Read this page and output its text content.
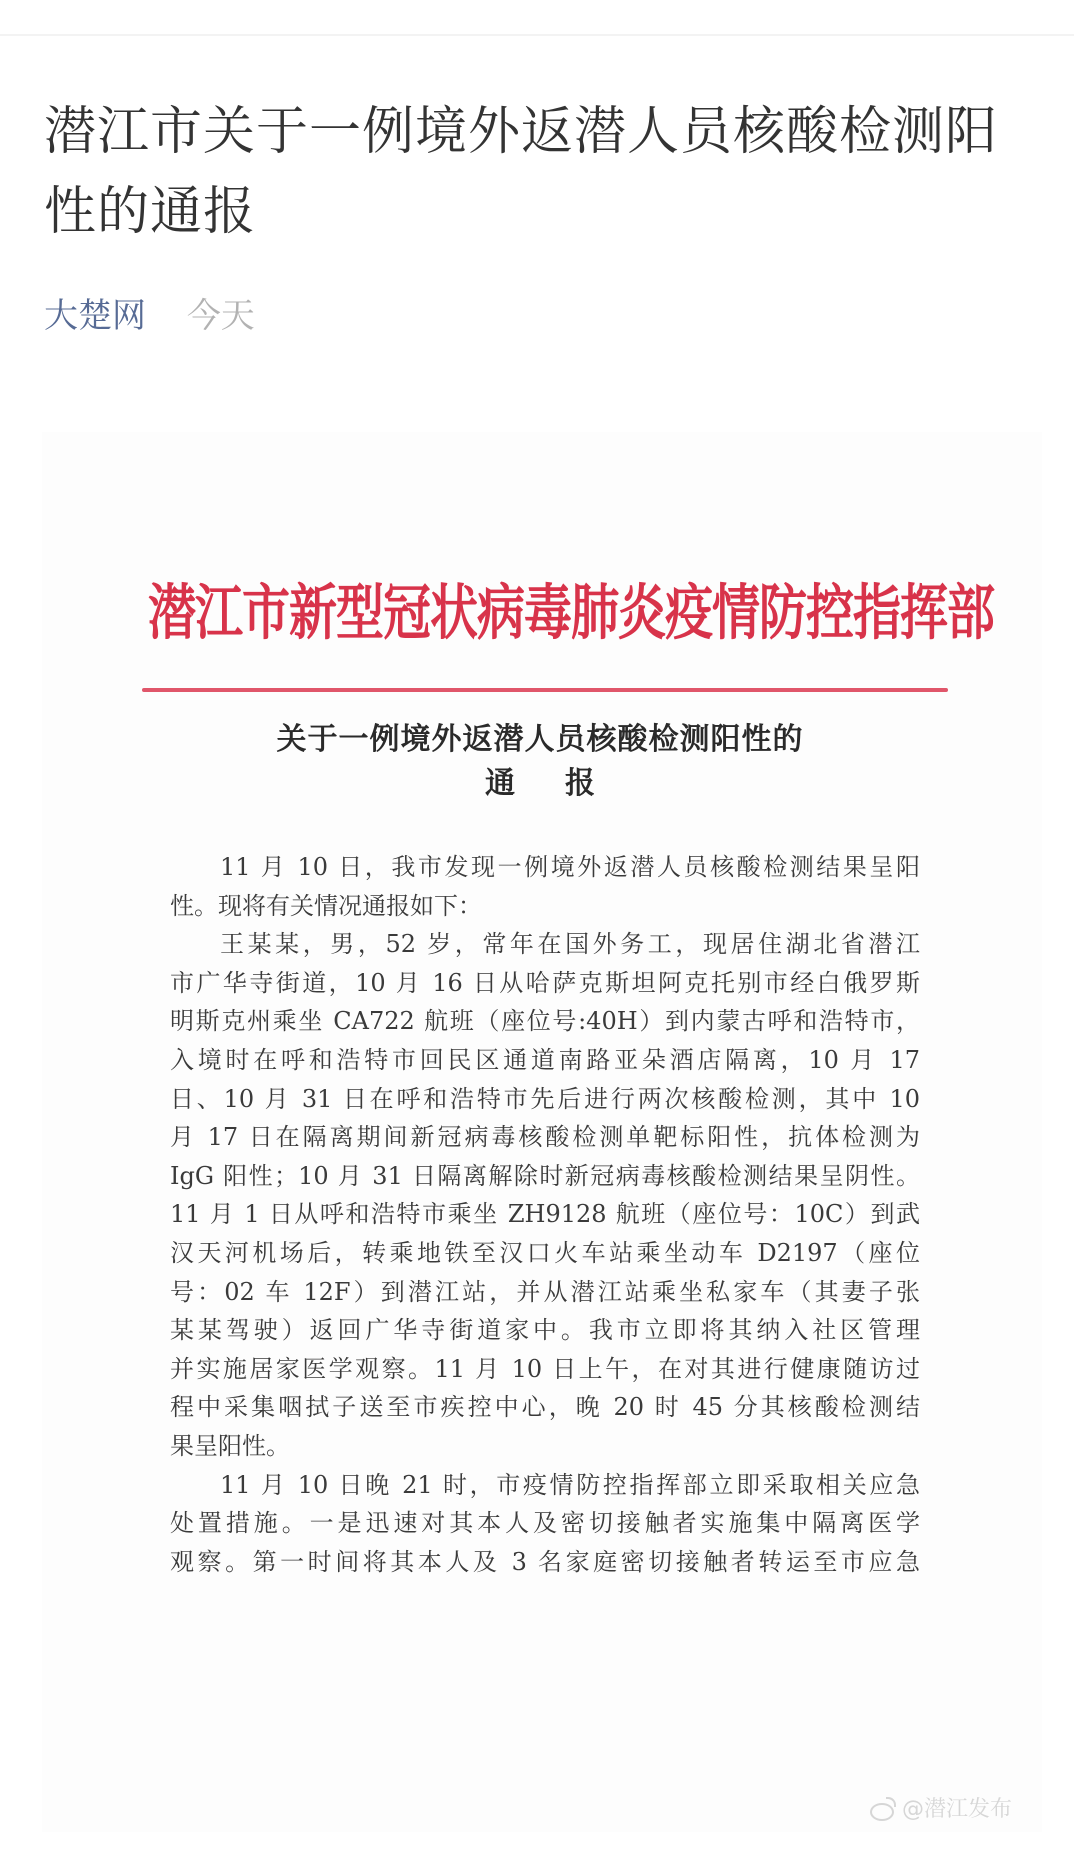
潜江市关于一例境外返潜人员核酸检测阳性的通报
大楚网 今天
潜江市新型冠状病毒肺炎疫情防控指挥部
关于一例境外返潜人员核酸检测阳性的
通报
11 月 10 日，我市发现一例境外返潜人员核酸检测结果呈阳
性。现将有关情况通报如下：
王某某，男，52 岁，常年在国外务工，现居住湖北省潜江
市广华寺街道，10 月 16 日从哈萨克斯坦阿克托别市经白俄罗斯
明斯克州乘坐 CA722 航班（座位号:40H）到内蒙古呼和浩特市，
入境时在呼和浩特市回民区通道南路亚朵酒店隔离，10 月 17
日、10 月 31 日在呼和浩特市先后进行两次核酸检测，其中 10
月 17 日在隔离期间新冠病毒核酸检测单靶标阳性，抗体检测为
IgG 阳性；10 月 31 日隔离解除时新冠病毒核酸检测结果呈阴性。
11 月 1 日从呼和浩特市乘坐 ZH9128 航班（座位号：10C）到武
汉天河机场后，转乘地铁至汉口火车站乘坐动车 D2197（座位
号：02 车 12F）到潜江站，并从潜江站乘坐私家车（其妻子张
某某驾驶）返回广华寺街道家中。我市立即将其纳入社区管理
并实施居家医学观察。11 月 10 日上午，在对其进行健康随访过
程中采集咽拭子送至市疾控中心，晚 20 时 45 分其核酸检测结
果呈阳性。
11 月 10 日晚 21 时，市疫情防控指挥部立即采取相关应急
处置措施。一是迅速对其本人及密切接触者实施集中隔离医学
观察。第一时间将其本人及 3 名家庭密切接触者转运至市应急
@潜江发布
